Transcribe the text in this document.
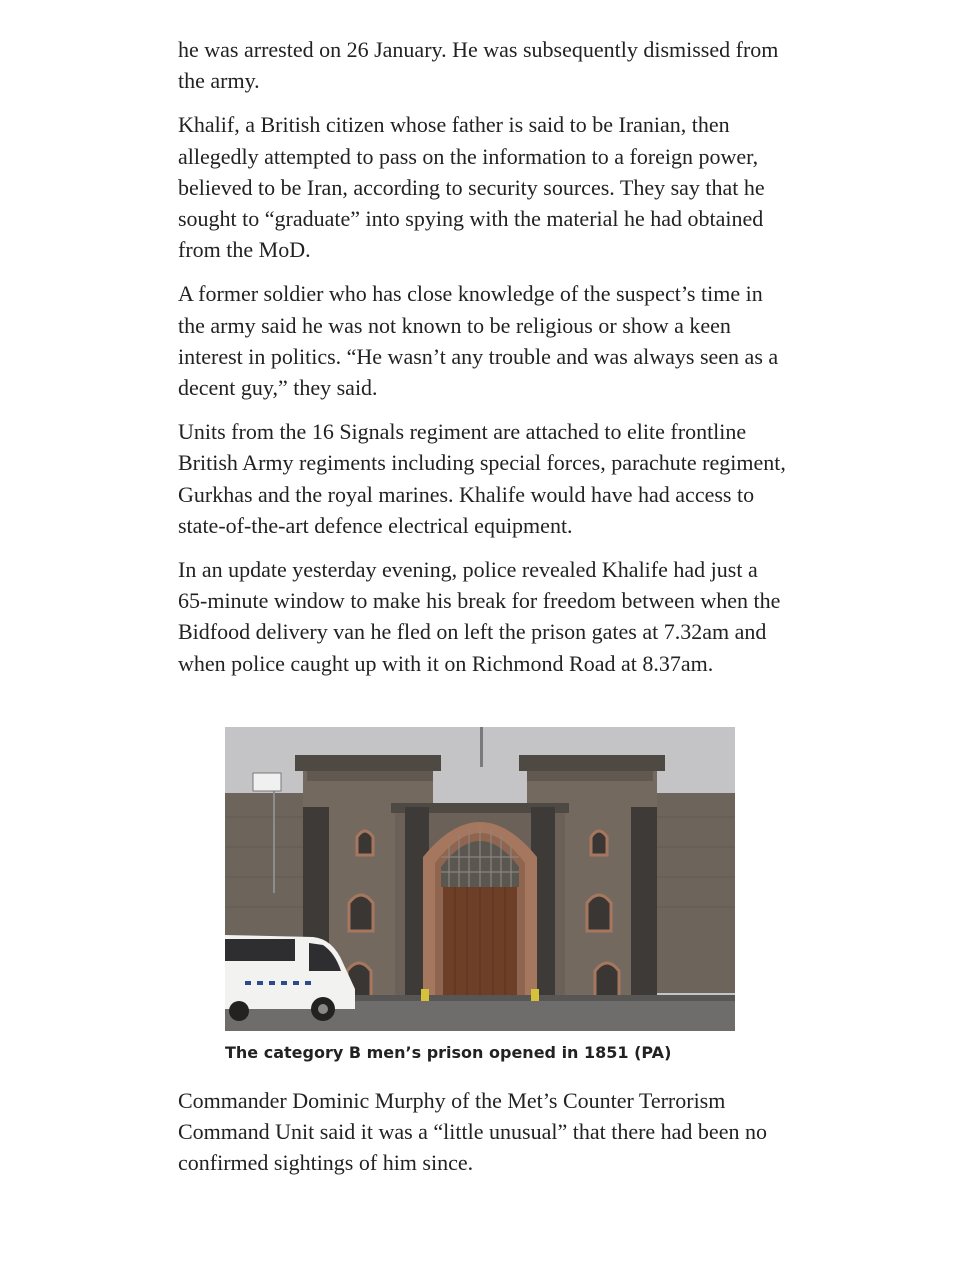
he was arrested on 26 January. He was subsequently dismissed from the army.

Khalif, a British citizen whose father is said to be Iranian, then allegedly attempted to pass on the information to a foreign power, believed to be Iran, according to security sources. They say that he sought to “graduate” into spying with the material he had obtained from the MoD.

A former soldier who has close knowledge of the suspect’s time in the army said he was not known to be religious or show a keen interest in politics. “He wasn’t any trouble and was always seen as a decent guy,” they said.

Units from the 16 Signals regiment are attached to elite frontline British Army regiments including special forces, parachute regiment, Gurkhas and the royal marines. Khalife would have had access to state-of-the-art defence electrical equipment.

In an update yesterday evening, police revealed Khalife had just a 65-minute window to make his break for freedom between when the Bidfood delivery van he fled on left the prison gates at 7.32am and when police caught up with it on Richmond Road at 8.37am.

The category B men’s prison opened in 1851 (PA)

Commander Dominic Murphy of the Met’s Counter Terrorism Command Unit said it was a “little unusual” that there had been no confirmed sightings of him since.
